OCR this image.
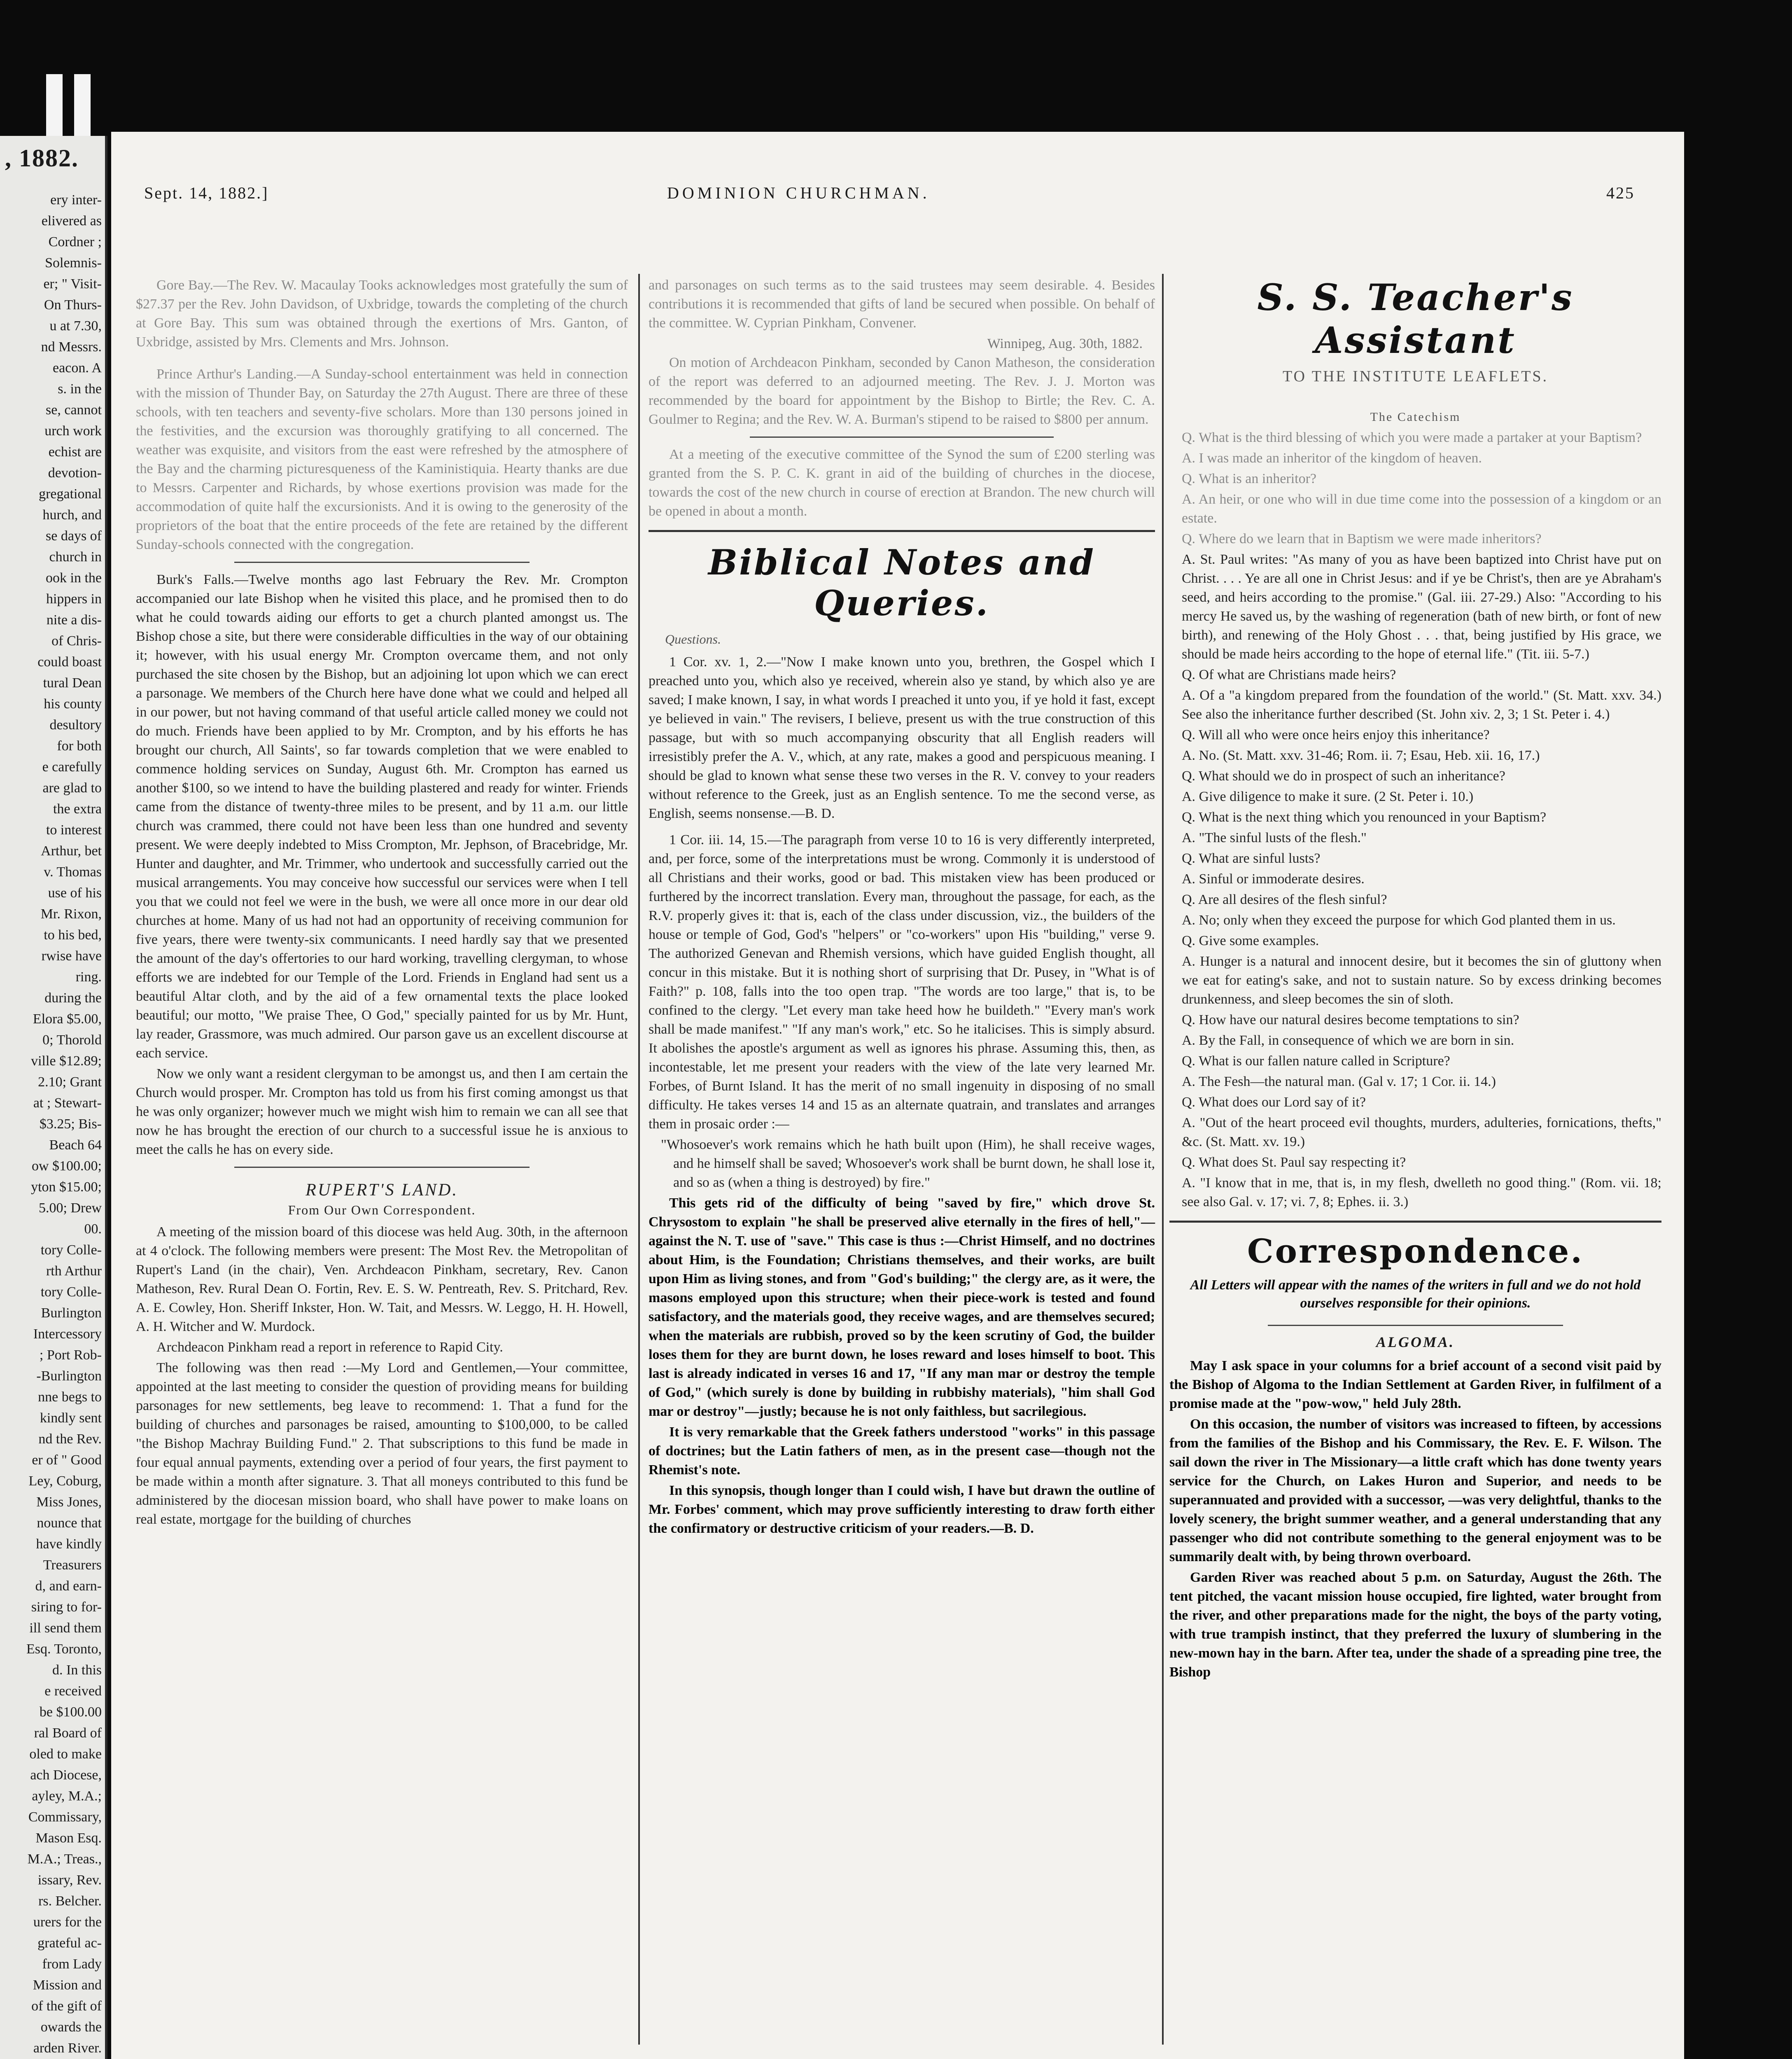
, 1882.
ery inter-
elivered as
Cordner ;
Solemnis-
er; " Visit-
On Thurs-
u at 7.30,
nd Messrs.
eacon. A
s. in the
se, cannot
urch work
echist are
devotion-
gregational
hurch, and
se days of
church in
ook in the
hippers in
nite a dis-
of Chris-
could boast
tural Dean
his county
desultory
for both
e carefully
are glad to
the extra
to interest
Arthur, bet
v. Thomas
use of his
Mr. Rixon,
to his bed,
rwise have
ring.
during the
Elora $5.00,
0; Thorold
ville $12.89;
2.10; Grant
at ; Stewart-
$3.25; Bis-
Beach 64
ow $100.00;
yton $15.00;
5.00; Drew
00.
tory Colle-
rth Arthur
tory Colle-
Burlington
Intercessory
; Port Rob-
-Burlington
nne begs to
kindly sent
nd the Rev.
er of " Good
Ley, Coburg,
Miss Jones,
nounce that
have kindly
Treasurers
d, and earn-
siring to for-
ill send them
Esq. Toronto,
d. In this
e received
be $100.00
ral Board of
oled to make
ach Diocese,
ayley, M.A.;
Commissary,
Mason Esq.
M.A.; Treas.,
issary, Rev.
rs. Belcher.
urers for the
grateful ac-
from Lady
Mission and
of the gift of
owards the
arden River.
Sept. 14, 1882.]	DOMINION CHURCHMAN.	425

Gore Bay.—The Rev. W. Macaulay Tooks acknowledges most gratefully the sum of $27.37 per the Rev. John Davidson, of Uxbridge, towards the completing of the church at Gore Bay. This sum was obtained through the exertions of Mrs. Ganton, of Uxbridge, assisted by Mrs. Clements and Mrs. Johnson.

Prince Arthur's Landing.—A Sunday-school entertainment was held in connection with the mission of Thunder Bay, on Saturday the 27th August. There are three of these schools, with ten teachers and seventy-five scholars. More than 130 persons joined in the festivities, and the excursion was thoroughly gratifying to all concerned. The weather was exquisite, and visitors from the east were refreshed by the atmosphere of the Bay and the charming picturesqueness of the Kaministiquia. Hearty thanks are due to Messrs. Carpenter and Richards, by whose exertions provision was made for the accommodation of quite half the excursionists. And it is owing to the generosity of the proprietors of the boat that the entire proceeds of the fete are retained by the different Sunday-schools connected with the congregation.

Burk's Falls.—Twelve months ago last February the Rev. Mr. Crompton accompanied our late Bishop when he visited this place, and he promised then to do what he could towards aiding our efforts to get a church planted amongst us. The Bishop chose a site, but there were considerable difficulties in the way of our obtaining it; however, with his usual energy Mr. Crompton overcame them, and not only purchased the site chosen by the Bishop, but an adjoining lot upon which we can erect a parsonage. We members of the Church here have done what we could and helped all in our power, but not having command of that useful article called money we could not do much. Friends have been applied to by Mr. Crompton, and by his efforts he has brought our church, All Saints', so far towards completion that we were enabled to commence holding services on Sunday, August 6th. Mr. Crompton has earned us another $100, so we intend to have the building plastered and ready for winter. Friends came from the distance of twenty-three miles to be present, and by 11 a.m. our little church was crammed, there could not have been less than one hundred and seventy present. We were deeply indebted to Miss Crompton, Mr. Jephson, of Bracebridge, Mr. Hunter and daughter, and Mr. Trimmer, who undertook and successfully carried out the musical arrangements. You may conceive how successful our services were when I tell you that we could not feel we were in the bush, we were all once more in our dear old churches at home. Many of us had not had an opportunity of receiving communion for five years, there were twenty-six communicants. I need hardly say that we presented the amount of the day's offertories to our hard working, travelling clergyman, to whose efforts we are indebted for our Temple of the Lord. Friends in England had sent us a beautiful Altar cloth, and by the aid of a few ornamental texts the place looked beautiful; our motto, "We praise Thee, O God," specially painted for us by Mr. Hunt, lay reader, Grassmore, was much admired. Our parson gave us an excellent discourse at each service.

Now we only want a resident clergyman to be amongst us, and then I am certain the Church would prosper. Mr. Crompton has told us from his first coming amongst us that he was only organizer; however much we might wish him to remain we can all see that now he has brought the erection of our church to a successful issue he is anxious to meet the calls he has on every side.

RUPERT'S LAND.
From Our Own Correspondent.

A meeting of the mission board of this diocese was held Aug. 30th, in the afternoon at 4 o'clock. The following members were present: The Most Rev. the Metropolitan of Rupert's Land (in the chair), Ven. Archdeacon Pinkham, secretary, Rev. Canon Matheson, Rev. Rural Dean O. Fortin, Rev. E. S. W. Pentreath, Rev. S. Pritchard, Rev. A. E. Cowley, Hon. Sheriff Inkster, Hon. W. Tait, and Messrs. W. Leggo, H. H. Howell, A. H. Witcher and W. Murdock.

Archdeacon Pinkham read a report in reference to Rapid City.

The following was then read :—My Lord and Gentlemen,—Your committee, appointed at the last meeting to consider the question of providing means for building parsonages for new settlements, beg leave to recommend: 1. That a fund for the building of churches and parsonages be raised, amounting to $100,000, to be called "the Bishop Machray Building Fund." 2. That subscriptions to this fund be made in four equal annual payments, extending over a period of four years, the first payment to be made within a month after signature. 3. That all moneys contributed to this fund be administered by the diocesan mission board, who shall have power to make loans on real estate, mortgage for the building of churches

and parsonages on such terms as to the said trustees may seem desirable. 4. Besides contributions it is recommended that gifts of land be secured when possible. On behalf of the committee. W. Cyprian Pinkham, Convener.

Winnipeg, Aug. 30th, 1882.

On motion of Archdeacon Pinkham, seconded by Canon Matheson, the consideration of the report was deferred to an adjourned meeting. The Rev. J. J. Morton was recommended by the board for appointment by the Bishop to Birtle; the Rev. C. A. Goulmer to Regina; and the Rev. W. A. Burman's stipend to be raised to $800 per annum.

At a meeting of the executive committee of the Synod the sum of £200 sterling was granted from the S. P. C. K. grant in aid of the building of churches in the diocese, towards the cost of the new church in course of erection at Brandon. The new church will be opened in about a month.

Biblical Notes and Queries.
Questions.

1 Cor. xv. 1, 2.—"Now I make known unto you, brethren, the Gospel which I preached unto you, which also ye received, wherein also ye stand, by which also ye are saved; I make known, I say, in what words I preached it unto you, if ye hold it fast, except ye believed in vain." The revisers, I believe, present us with the true construction of this passage, but with so much accompanying obscurity that all English readers will irresistibly prefer the A. V., which, at any rate, makes a good and perspicuous meaning. I should be glad to known what sense these two verses in the R. V. convey to your readers without reference to the Greek, just as an English sentence. To me the second verse, as English, seems nonsense.—B. D.

1 Cor. iii. 14, 15.—The paragraph from verse 10 to 16 is very differently interpreted, and, per force, some of the interpretations must be wrong. Commonly it is understood of all Christians and their works, good or bad. This mistaken view has been produced or furthered by the incorrect translation. Every man, throughout the passage, for each, as the R.V. properly gives it: that is, each of the class under discussion, viz., the builders of the house or temple of God, God's "helpers" or "co-workers" upon His "building," verse 9. The authorized Genevan and Rhemish versions, which have guided English thought, all concur in this mistake. But it is nothing short of surprising that Dr. Pusey, in "What is of Faith?" p. 108, falls into the too open trap. "The words are too large," that is, to be confined to the clergy. "Let every man take heed how he buildeth." "Every man's work shall be made manifest." "If any man's work," etc. So he italicises. This is simply absurd. It abolishes the apostle's argument as well as ignores his phrase. Assuming this, then, as incontestable, let me present your readers with the view of the late very learned Mr. Forbes, of Burnt Island. It has the merit of no small ingenuity in disposing of no small difficulty. He takes verses 14 and 15 as an alternate quatrain, and translates and arranges them in prosaic order :—

"Whosoever's work remains which he hath built upon (Him), he shall receive wages, and he himself shall be saved; Whosoever's work shall be burnt down, he shall lose it, and so as (when a thing is destroyed) by fire."

This gets rid of the difficulty of being "saved by fire," which drove St. Chrysostom to explain "he shall be preserved alive eternally in the fires of hell,"—against the N. T. use of "save." This case is thus :—Christ Himself, and no doctrines about Him, is the Foundation; Christians themselves, and their works, are built upon Him as living stones, and from "God's building;" the clergy are, as it were, the masons employed upon this structure; when their piece-work is tested and found satisfactory, and the materials good, they receive wages, and are themselves secured; when the materials are rubbish, proved so by the keen scrutiny of God, the builder loses them for they are burnt down, he loses reward and loses himself to boot. This last is already indicated in verses 16 and 17, "If any man mar or destroy the temple of God," (which surely is done by building in rubbishy materials), "him shall God mar or destroy"—justly; because he is not only faithless, but sacrilegious.

It is very remarkable that the Greek fathers understood "works" in this passage of doctrines; but the Latin fathers of men, as in the present case—though not the Rhemist's note.

In this synopsis, though longer than I could wish, I have but drawn the outline of Mr. Forbes' comment, which may prove sufficiently interesting to draw forth either the confirmatory or destructive criticism of your readers.—B. D.

S. S. Teacher's Assistant
TO THE INSTITUTE LEAFLETS.
The Catechism

Q. What is the third blessing of which you were made a partaker at your Baptism?

A. I was made an inheritor of the kingdom of heaven.

Q. What is an inheritor?

A. An heir, or one who will in due time come into the possession of a kingdom or an estate.

Q. Where do we learn that in Baptism we were made inheritors?

A. St. Paul writes: "As many of you as have been baptized into Christ have put on Christ. . . . Ye are all one in Christ Jesus: and if ye be Christ's, then are ye Abraham's seed, and heirs according to the promise." (Gal. iii. 27-29.) Also: "According to his mercy He saved us, by the washing of regeneration (bath of new birth, or font of new birth), and renewing of the Holy Ghost . . . that, being justified by His grace, we should be made heirs according to the hope of eternal life." (Tit. iii. 5-7.)

Q. Of what are Christians made heirs?

A. Of a "a kingdom prepared from the foundation of the world." (St. Matt. xxv. 34.) See also the inheritance further described (St. John xiv. 2, 3; 1 St. Peter i. 4.)

Q. Will all who were once heirs enjoy this inheritance?

A. No. (St. Matt. xxv. 31-46; Rom. ii. 7; Esau, Heb. xii. 16, 17.)

Q. What should we do in prospect of such an inheritance?

A. Give diligence to make it sure. (2 St. Peter i. 10.)

Q. What is the next thing which you renounced in your Baptism?

A. "The sinful lusts of the flesh."

Q. What are sinful lusts?

A. Sinful or immoderate desires.

Q. Are all desires of the flesh sinful?

A. No; only when they exceed the purpose for which God planted them in us.

Q. Give some examples.

A. Hunger is a natural and innocent desire, but it becomes the sin of gluttony when we eat for eating's sake, and not to sustain nature. So by excess drinking becomes drunkenness, and sleep becomes the sin of sloth.

Q. How have our natural desires become temptations to sin?

A. By the Fall, in consequence of which we are born in sin.

Q. What is our fallen nature called in Scripture?

A. The Fesh—the natural man. (Gal v. 17; 1 Cor. ii. 14.)

Q. What does our Lord say of it?

A. "Out of the heart proceed evil thoughts, murders, adulteries, fornications, thefts," &c. (St. Matt. xv. 19.)

Q. What does St. Paul say respecting it?

A. "I know that in me, that is, in my flesh, dwelleth no good thing." (Rom. vii. 18; see also Gal. v. 17; vi. 7, 8; Ephes. ii. 3.)

Correspondence.
All Letters will appear with the names of the writers in full and we do not hold ourselves responsible for their opinions.
ALGOMA.

May I ask space in your columns for a brief account of a second visit paid by the Bishop of Algoma to the Indian Settlement at Garden River, in fulfilment of a promise made at the "pow-wow," held July 28th.

On this occasion, the number of visitors was increased to fifteen, by accessions from the families of the Bishop and his Commissary, the Rev. E. F. Wilson. The sail down the river in The Missionary—a little craft which has done twenty years service for the Church, on Lakes Huron and Superior, and needs to be superannuated and provided with a successor, —was very delightful, thanks to the lovely scenery, the bright summer weather, and a general understanding that any passenger who did not contribute something to the general enjoyment was to be summarily dealt with, by being thrown overboard.

Garden River was reached about 5 p.m. on Saturday, August the 26th. The tent pitched, the vacant mission house occupied, fire lighted, water brought from the river, and other preparations made for the night, the boys of the party voting, with true trampish instinct, that they preferred the luxury of slumbering in the new-mown hay in the barn. After tea, under the shade of a spreading pine tree, the Bishop
